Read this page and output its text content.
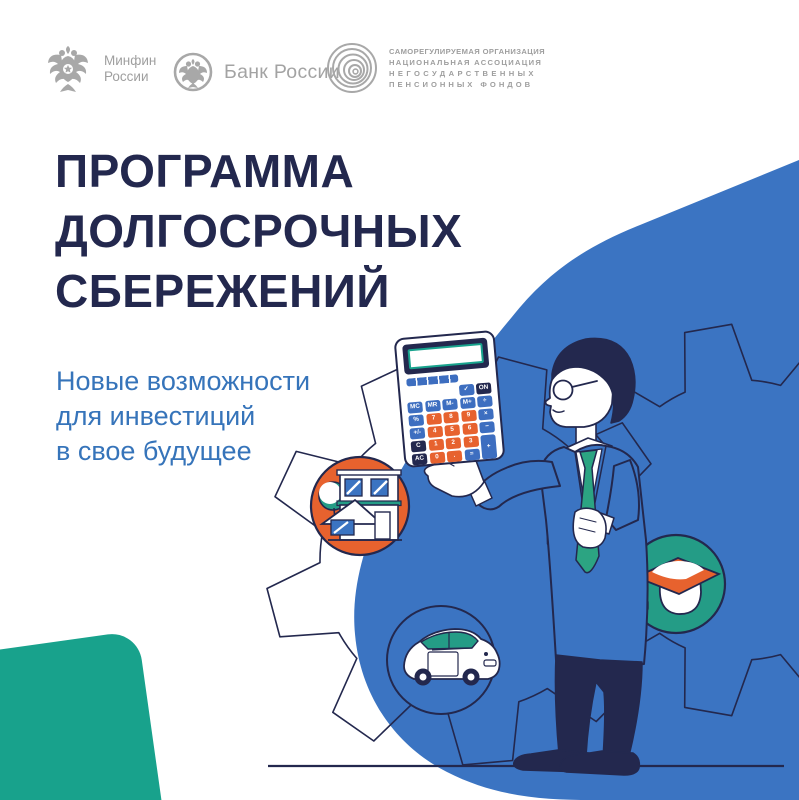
✓	ON
MC	MR	M-	M+	÷
%	7	8	9	×
+/-	4	5	6	−
C	1	2	3
+
AC	0	.	=
Минфин
России	Банк России
САМОРЕГУЛИРУЕМАЯ ОРГАНИЗАЦИЯ
НАЦИОНАЛЬНАЯ АССОЦИАЦИЯ
НЕГОСУДАРСТВЕННЫХ
ПЕНСИОННЫХ ФОНДОВ
ПРОГРАММА
ДОЛГОСРОЧНЫХ
СБЕРЕЖЕНИЙ
Новые возможности
для инвестиций
в свое будущее
